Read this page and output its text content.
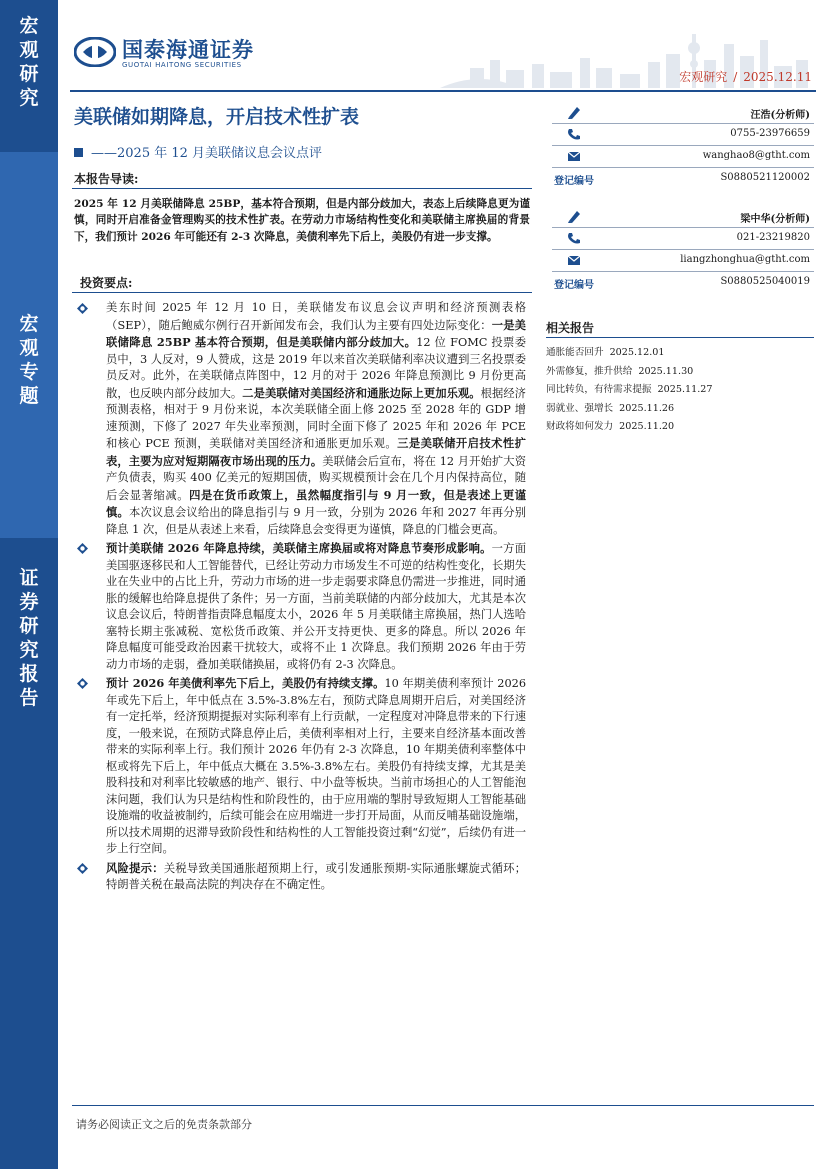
宏
观
研
究
宏
观
专
题
证
券
研
究
报
告
国泰海通证券
GUOTAI HAITONG SECURITIES
宏观研究 / 2025.12.11
美联储如期降息，开启技术性扩表
——2025 年 12 月美联储议息会议点评
汪浩(分析师)
0755-23976659
wanghao8@gtht.com
登记编号	S0880521120002
梁中华(分析师)
021-23219820
liangzhonghua@gtht.com
登记编号	S0880525040019
本报告导读:
2025 年 12 月美联储降息 25BP，基本符合预期，但是内部分歧加大，表态上后续降息更为谨慎，同时开启准备金管理购买的技术性扩表。在劳动力市场结构性变化和美联储主席换届的背景下，我们预计 2026 年可能还有 2-3 次降息，美债利率先下后上，美股仍有进一步支撑。
投资要点:
美东时间 2025 年 12 月 10 日，美联储发布议息会议声明和经济预测表格（SEP），随后鲍威尔例行召开新闻发布会，我们认为主要有四处边际变化：一是美联储降息 25BP 基本符合预期，但是美联储内部分歧加大。12 位 FOMC 投票委员中，3 人反对，9 人赞成，这是 2019 年以来首次美联储利率决议遭到三名投票委员反对。此外，在美联储点阵图中，12 月的对于 2026 年降息预测比 9 月份更高散，也反映内部分歧加大。二是美联储对美国经济和通胀边际上更加乐观。根据经济预测表格，相对于 9 月份来说，本次美联储全面上修 2025 至 2028 年的 GDP 增速预测，下修了 2027 年失业率预测，同时全面下修了 2025 年和 2026 年 PCE 和核心 PCE 预测，美联储对美国经济和通胀更加乐观。三是美联储开启技术性扩表，主要为应对短期隔夜市场出现的压力。美联储会后宣布，将在 12 月开始扩大资产负债表，购买 400 亿美元的短期国债，购买规模预计会在几个月内保持高位，随后会显著缩减。四是在货币政策上，虽然幅度指引与 9 月一致，但是表述上更谨慎。本次议息会议给出的降息指引与 9 月一致，分别为 2026 年和 2027 年再分别降息 1 次，但是从表述上来看，后续降息会变得更为谨慎，降息的门槛会更高。
预计美联储 2026 年降息持续，美联储主席换届或将对降息节奏形成影响。一方面美国驱逐移民和人工智能替代，已经让劳动力市场发生不可逆的结构性变化，长期失业在失业中的占比上升，劳动力市场的进一步走弱要求降息仍需进一步推进，同时通胀的缓解也给降息提供了条件；另一方面，当前美联储的内部分歧加大，尤其是本次议息会议后，特朗普指责降息幅度太小，2026 年 5 月美联储主席换届，热门人选哈塞特长期主张减税、宽松货币政策、并公开支持更快、更多的降息。所以 2026 年降息幅度可能受政治因素干扰较大，或将不止 1 次降息。我们预期 2026 年由于劳动力市场的走弱，叠加美联储换届，或将仍有 2-3 次降息。
预计 2026 年美债利率先下后上，美股仍有持续支撑。10 年期美债利率预计 2026 年或先下后上，年中低点在 3.5%-3.8%左右，预防式降息周期开启后，对美国经济有一定托举，经济预期提振对实际利率有上行贡献，一定程度对冲降息带来的下行速度，一般来说，在预防式降息停止后，美债利率相对上行，主要来自经济基本面改善带来的实际利率上行。我们预计 2026 年仍有 2-3 次降息，10 年期美债利率整体中枢或将先下后上，年中低点大概在 3.5%-3.8%左右。美股仍有持续支撑，尤其是美股科技和对利率比较敏感的地产、银行、中小盘等板块。当前市场担心的人工智能泡沫问题，我们认为只是结构性和阶段性的，由于应用端的掣肘导致短期人工智能基础设施端的收益被制约，后续可能会在应用端进一步打开局面，从而反哺基础设施端，所以技术周期的迟滞导致阶段性和结构性的人工智能投资过剩“幻觉”，后续仍有进一步上行空间。
风险提示：关税导致美国通胀超预期上行，或引发通胀预期-实际通胀螺旋式循环；特朗普关税在最高法院的判决存在不确定性。
相关报告
通胀能否回升 2025.12.01
外需修复，推升供给 2025.11.30
同比转负，有待需求提振 2025.11.27
弱就业、强增长 2025.11.26
财政将如何发力 2025.11.20
请务必阅读正文之后的免责条款部分
